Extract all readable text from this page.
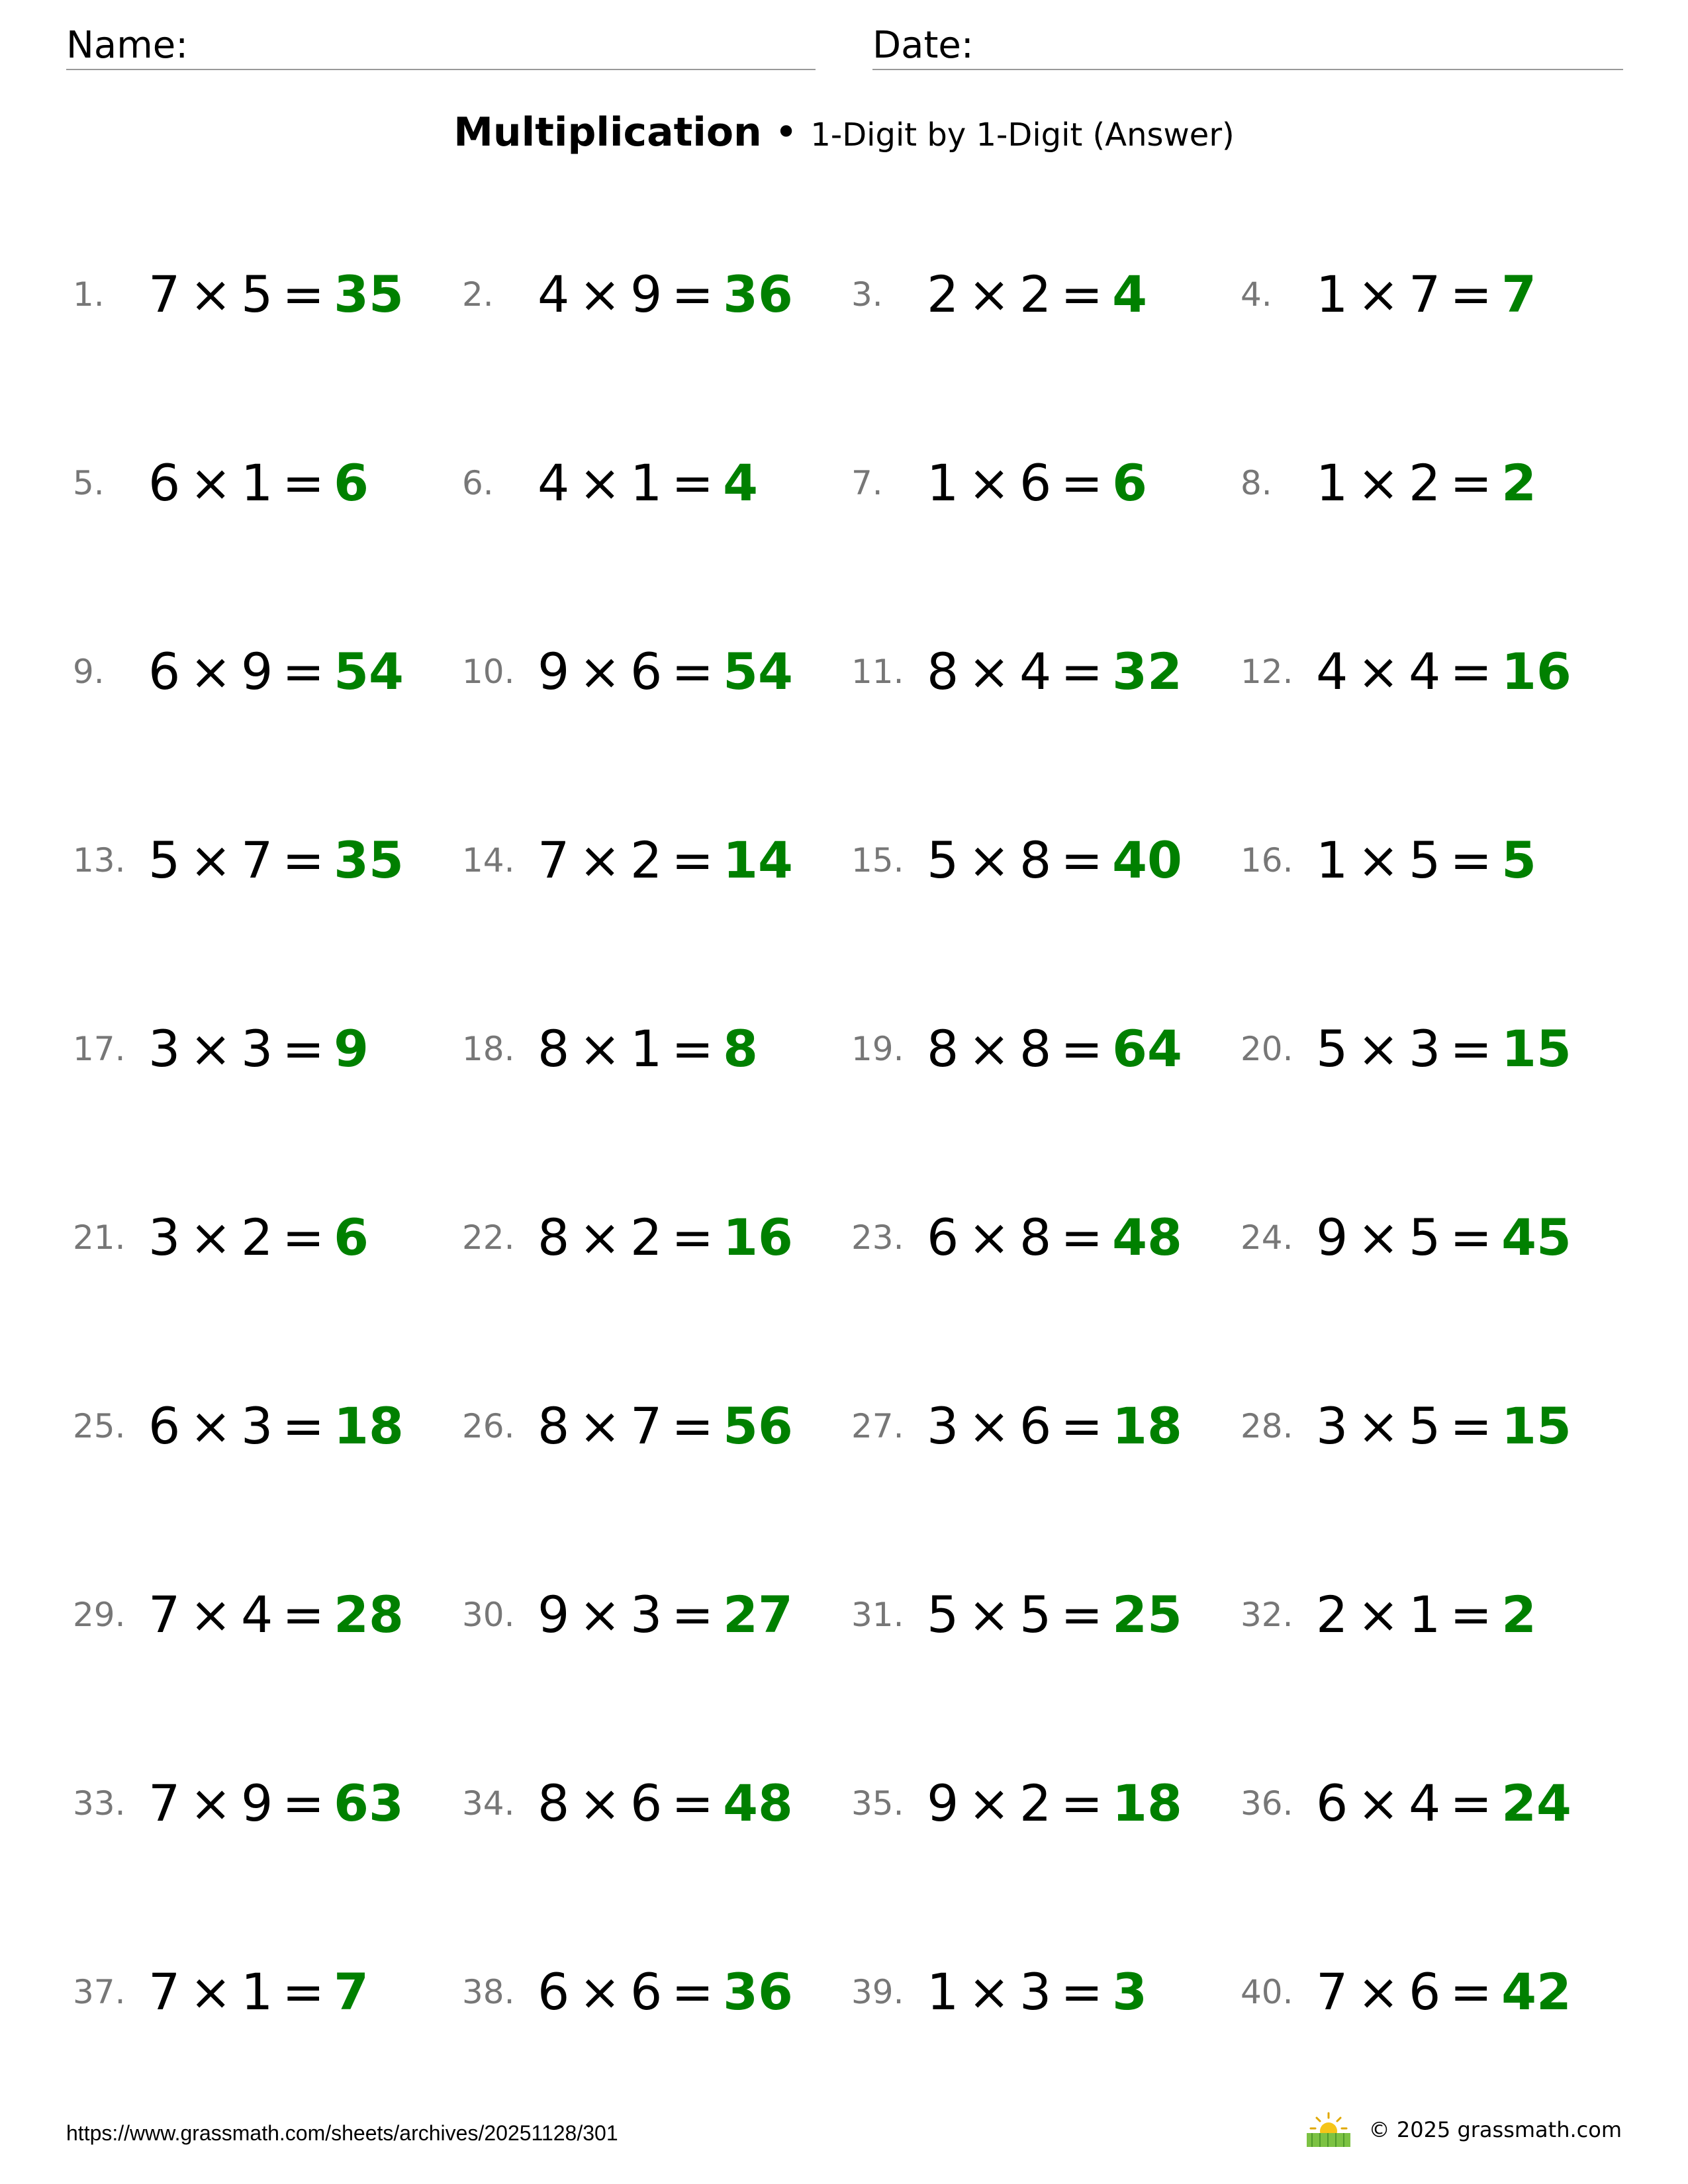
Name:	Date:
Multiplication • 1-Digit by 1-Digit (Answer)
1. 7 × 5 = 35 2. 4 × 9 = 36 3. 2 × 2 = 4	4. 1 × 7 = 7
5. 6 × 1 = 6	6. 4 × 1 = 4	7. 1 × 6 = 6	8. 1 × 2 = 2
9. 6 × 9 = 54 10. 9 × 6 = 54 11. 8 × 4 = 32 12. 4 × 4 = 16
13. 5 × 7 = 35 14. 7 × 2 = 14 15. 5 × 8 = 40 16. 1 × 5 = 5
17. 3 × 3 = 9	18. 8 × 1 = 8	19. 8 × 8 = 64 20. 5 × 3 = 15
21. 3 × 2 = 6	22. 8 × 2 = 16 23. 6 × 8 = 48 24. 9 × 5 = 45
25. 6 × 3 = 18 26. 8 × 7 = 56 27. 3 × 6 = 18 28. 3 × 5 = 15
29. 7 × 4 = 28 30. 9 × 3 = 27 31. 5 × 5 = 25 32. 2 × 1 = 2
33. 7 × 9 = 63 34. 8 × 6 = 48 35. 9 × 2 = 18 36. 6 × 4 = 24
37. 7 × 1 = 7	38. 6 × 6 = 36 39. 1 × 3 = 3	40. 7 × 6 = 42
https://www.grassmath.com/sheets/archives/20251128/301	© 2025 grassmath.com
